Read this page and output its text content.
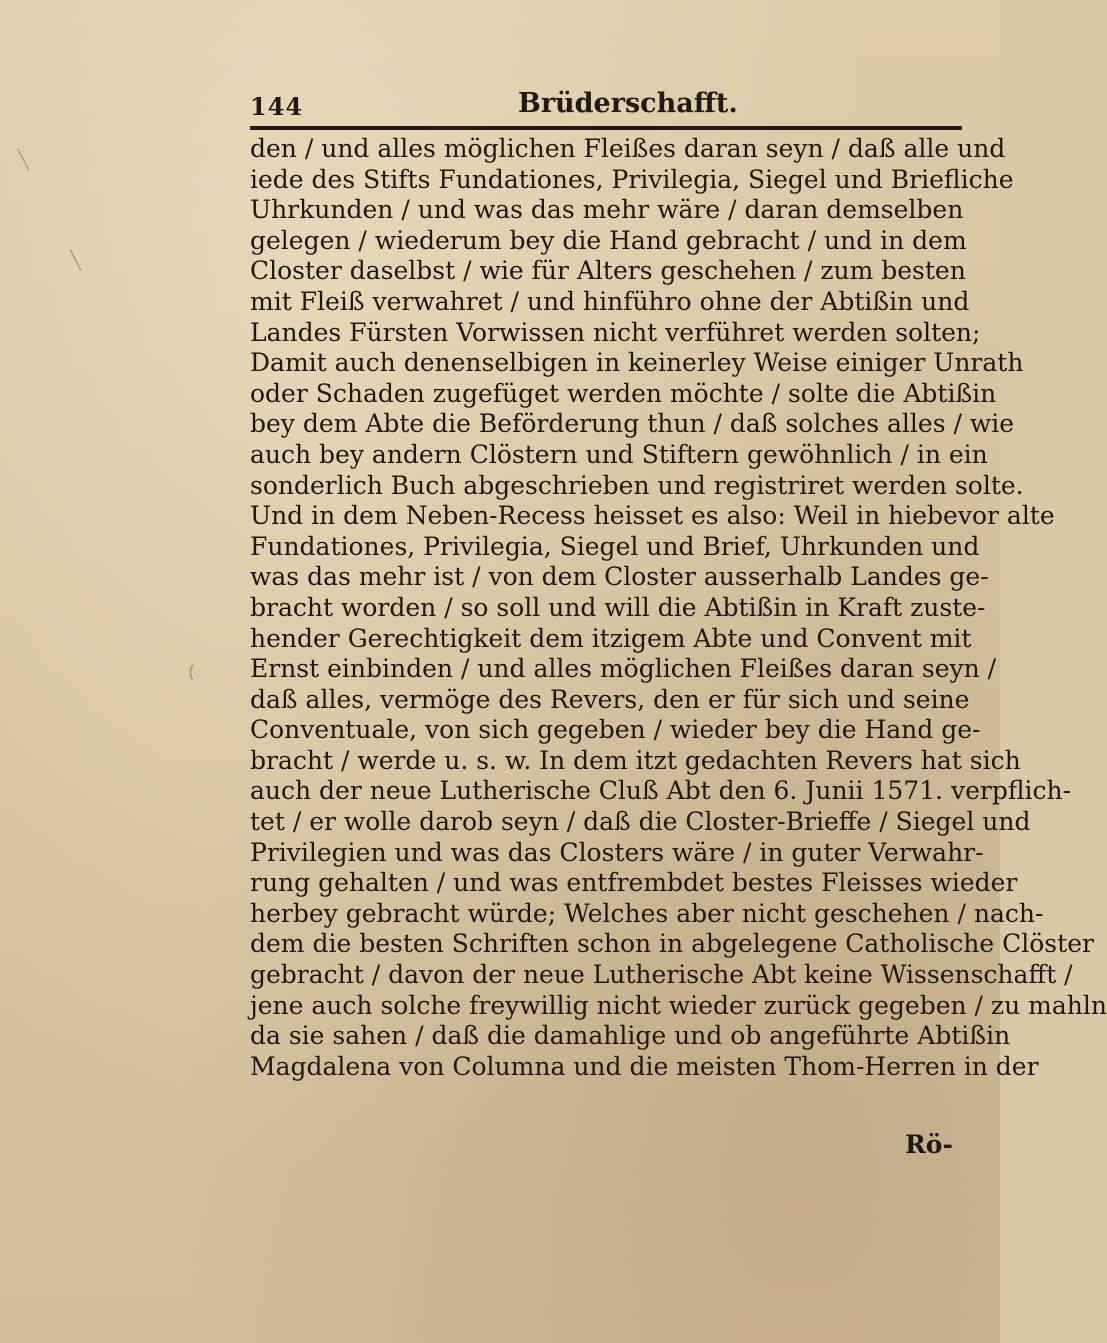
144	Brüderschafft.
den / und alles möglichen Fleißes daran seyn / daß alle und
iede des Stifts Fundationes, Privilegia, Siegel und Briefliche
Uhrkunden / und was das mehr wäre / daran demselben
gelegen / wiederum bey die Hand gebracht / und in dem
Closter daselbst / wie für Alters geschehen / zum besten
mit Fleiß verwahret / und hinführo ohne der Abtißin und
Landes Fürsten Vorwissen nicht verführet werden solten;
Damit auch denenselbigen in keinerley Weise einiger Unrath
oder Schaden zugefüget werden möchte / solte die Abtißin
bey dem Abte die Beförderung thun / daß solches alles / wie
auch bey andern Clöstern und Stiftern gewöhnlich / in ein
sonderlich Buch abgeschrieben und registriret werden solte.
Und in dem Neben-Recess heisset es also: Weil in hiebevor alte
Fundationes, Privilegia, Siegel und Brief, Uhrkunden und
was das mehr ist / von dem Closter ausserhalb Landes ge-
bracht worden / so soll und will die Abtißin in Kraft zuste-
hender Gerechtigkeit dem itzigem Abte und Convent mit
Ernst einbinden / und alles möglichen Fleißes daran seyn /
daß alles, vermöge des Revers, den er für sich und seine
Conventuale, von sich gegeben / wieder bey die Hand ge-
bracht / werde u. s. w. In dem itzt gedachten Revers hat sich
auch der neue Lutherische Cluß Abt den 6. Junii 1571. verpflich-
tet / er wolle darob seyn / daß die Closter-Brieffe / Siegel und
Privilegien und was das Closters wäre / in guter Verwahr-
rung gehalten / und was entfrembdet bestes Fleisses wieder
herbey gebracht würde; Welches aber nicht geschehen / nach-
dem die besten Schriften schon in abgelegene Catholische Clöster
gebracht / davon der neue Lutherische Abt keine Wissenschafft /
jene auch solche freywillig nicht wieder zurück gegeben / zu mahln
da sie sahen / daß die damahlige und ob angeführte Abtißin
Magdalena von Columna und die meisten Thom-Herren in der
Rö-
╲
╲
(
